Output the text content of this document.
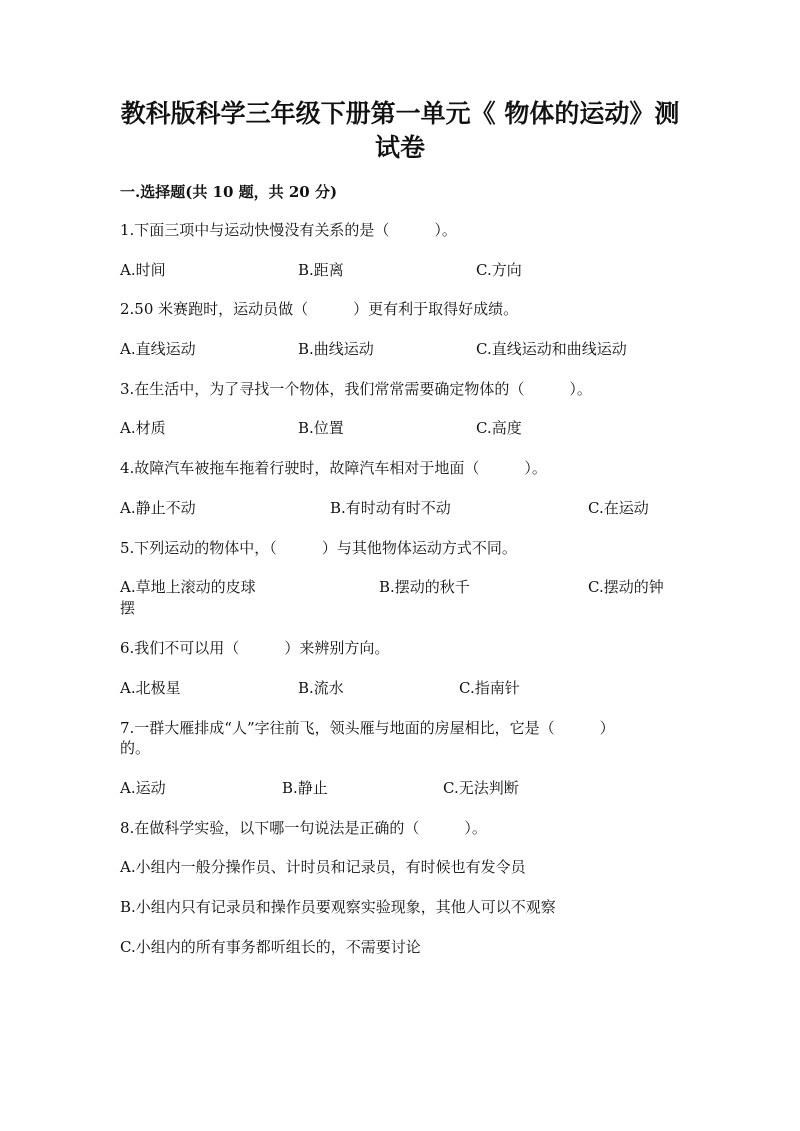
教科版科学三年级下册第一单元《 物体的运动》测
试卷
一.选择题(共 10 题，共 20 分)
1.下面三项中与运动快慢没有关系的是（　　　）。
A.时间	B.距离	C.方向
2.50 米赛跑时，运动员做（　　　）更有利于取得好成绩。
A.直线运动	B.曲线运动	C.直线运动和曲线运动
3.在生活中，为了寻找一个物体，我们常常需要确定物体的（　　　）。
A.材质	B.位置	C.高度
4.故障汽车被拖车拖着行驶时，故障汽车相对于地面（　　　）。
A.静止不动	B.有时动有时不动	C.在运动
5.下列运动的物体中，（　　　）与其他物体运动方式不同。
A.草地上滚动的皮球	B.摆动的秋千	C.摆动的钟
摆
6.我们不可以用（　　　）来辨别方向。
A.北极星	B.流水	C.指南针
7.一群大雁排成“人”字往前飞，领头雁与地面的房屋相比，它是（　　　）
的。
A.运动	B.静止	C.无法判断
8.在做科学实验，以下哪一句说法是正确的（　　　）。
A.小组内一般分操作员、计时员和记录员，有时候也有发令员
B.小组内只有记录员和操作员要观察实验现象，其他人可以不观察
C.小组内的所有事务都听组长的，不需要讨论
